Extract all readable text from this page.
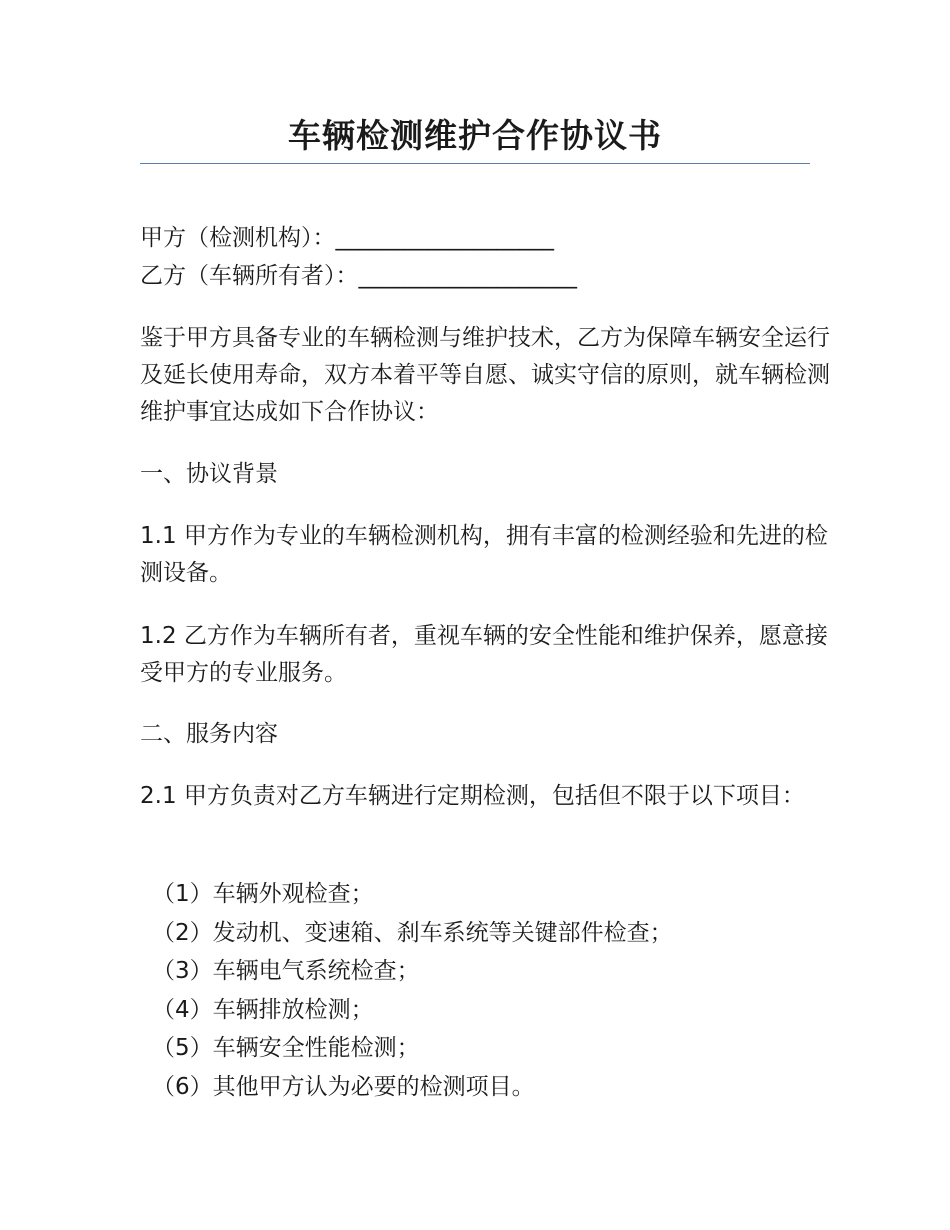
车辆检测维护合作协议书

甲方（检测机构）：___________________

乙方（车辆所有者）：___________________

鉴于甲方具备专业的车辆检测与维护技术，乙方为保障车辆安全运行及延长使用寿命，双方本着平等自愿、诚实守信的原则，就车辆检测维护事宜达成如下合作协议：

一、协议背景

1.1 甲方作为专业的车辆检测机构，拥有丰富的检测经验和先进的检测设备。

1.2 乙方作为车辆所有者，重视车辆的安全性能和维护保养，愿意接受甲方的专业服务。

二、服务内容

2.1 甲方负责对乙方车辆进行定期检测，包括但不限于以下项目：

（1）车辆外观检查；
（2）发动机、变速箱、刹车系统等关键部件检查；
（3）车辆电气系统检查；
（4）车辆排放检测；
（5）车辆安全性能检测；
（6）其他甲方认为必要的检测项目。
